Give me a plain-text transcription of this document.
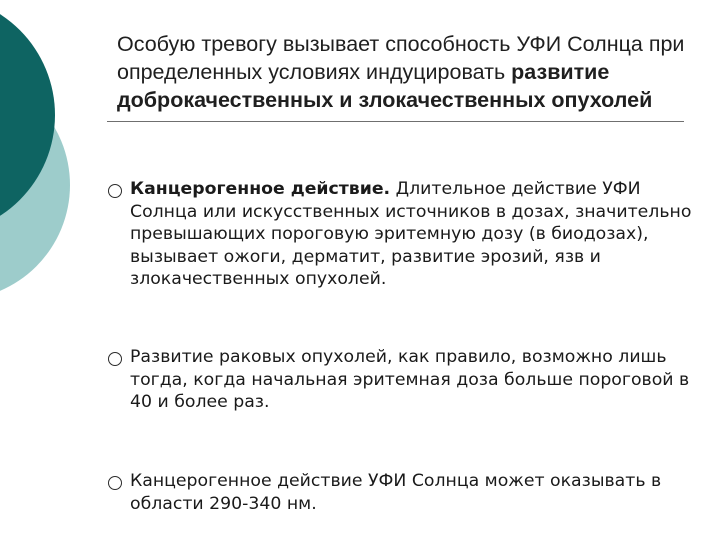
Особую тревогу вызывает способность УФИ Солнца при определенных условиях индуцировать развитие доброкачественных и злокачественных опухолей
Канцерогенное действие. Длительное действие УФИ Солнца или искусственных источников в дозах, значительно превышающих пороговую эритемную дозу (в биодозах), вызывает ожоги, дерматит, развитие эрозий, язв и злокачественных опухолей.
Развитие раковых опухолей, как правило, возможно лишь тогда, когда начальная эритемная доза больше пороговой в 40 и более раз.
Канцерогенное действие УФИ Солнца может оказывать в области 290-340 нм.
